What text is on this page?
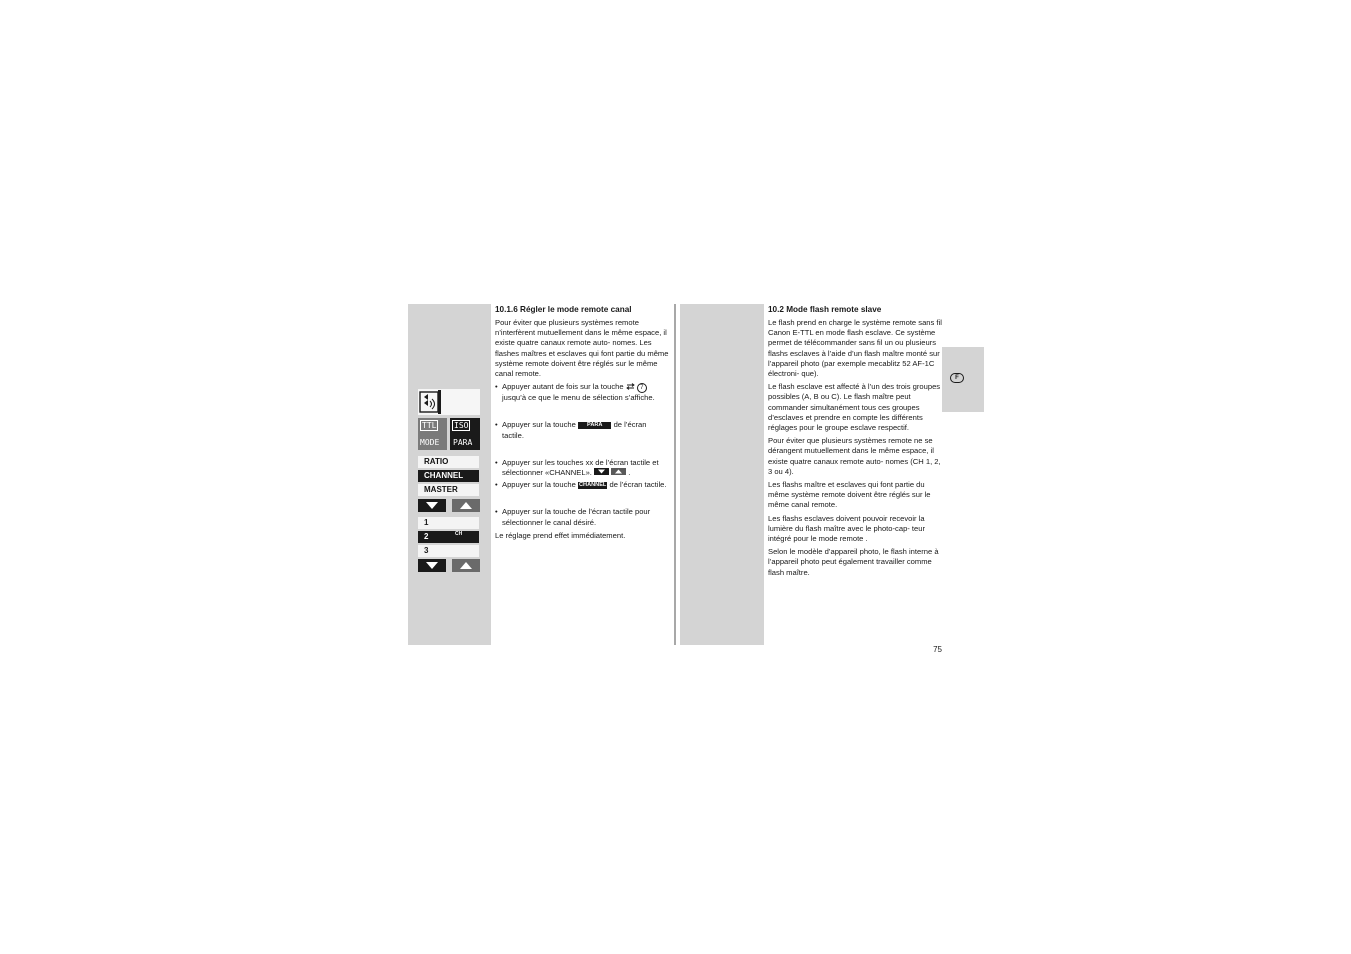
TTL
MODE
ISO
PARA
RATIO
CHANNEL
MASTER
1
2	CH
3
10.1.6 Régler le mode remote canal

Pour éviter que plusieurs systèmes remote n’interfèrent mutuellement dans le même espace, il existe quatre canaux remote auto- nomes. Les flashes maîtres et esclaves qui font partie du même système remote doivent être réglés sur le même canal remote.

• Appuyer autant de fois sur la touche	7 jusqu’à ce que le menu de sélection s’affiche.
• Appuyer sur la touche PARA de l’écran tactile.
• Appuyer sur les touches xx de l’écran tactile et sélectionner «CHANNEL».
	.
• Appuyer sur la touche CHANNEL de l’écran tactile.
• Appuyer sur la touche de l’écran tactile pour sélectionner le canal désiré.

Le réglage prend effet immédiatement.

10.2 Mode flash remote slave

Le flash prend en charge le système remote sans fil Canon E-TTL en mode flash esclave. Ce système permet de télécommander sans fil un ou plusieurs flashs esclaves à l’aide d’un flash maître monté sur l’appareil photo (par exemple mecablitz 52 AF-1C électroni- que).

Le flash esclave est affecté à l’un des trois groupes possibles (A, B ou C). Le flash maître peut commander simultanément tous ces groupes d’esclaves et prendre en compte les différents réglages pour le groupe esclave respectif.

Pour éviter que plusieurs systèmes remote ne se dérangent mutuellement dans le même espace, il existe quatre canaux remote auto- nomes (CH 1, 2, 3 ou 4).

Les flashs maître et esclaves qui font partie du même système remote doivent être réglés sur le même canal remote.

Les flashs esclaves doivent pouvoir recevoir la lumière du flash maître avec le photo-cap- teur intégré pour le mode remote .

Selon le modèle d’appareil photo, le flash interne à l’appareil photo peut également travailler comme flash maître.

F
75
